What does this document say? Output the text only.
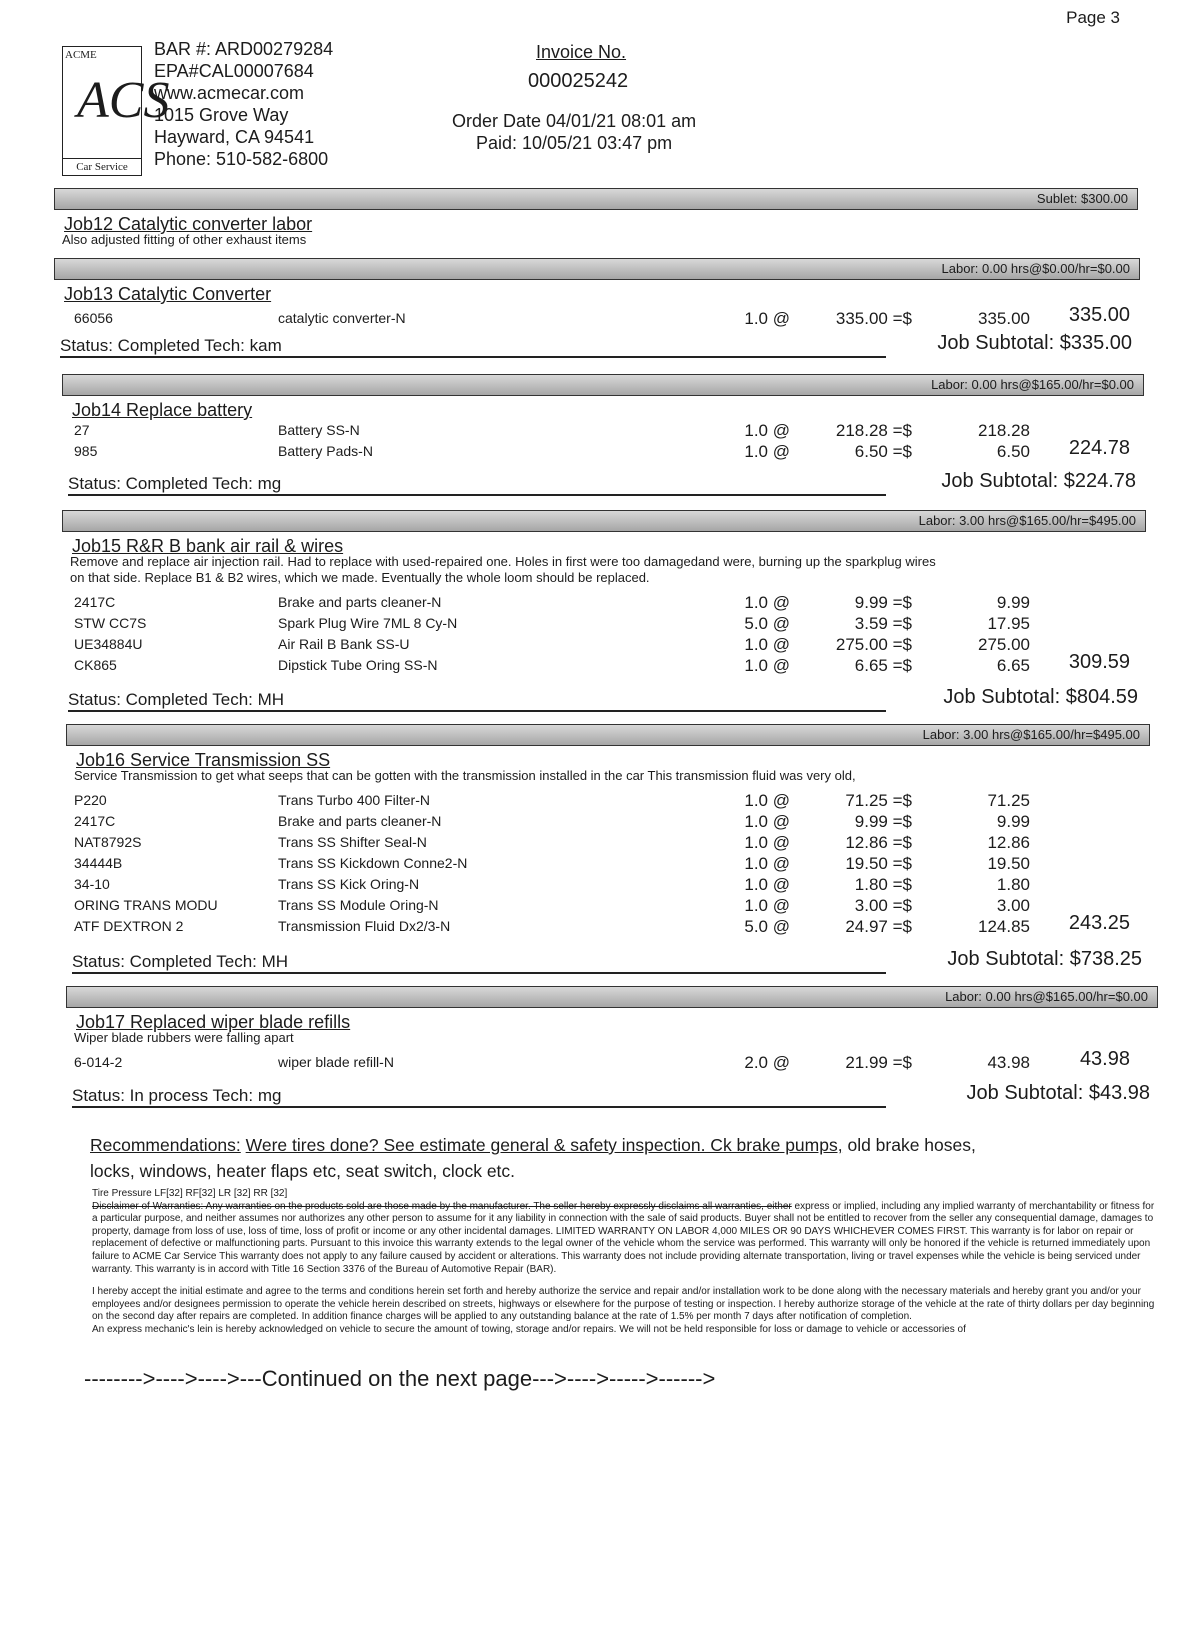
Page 3
ACME
ACS
Car Service
BAR #: ARD00279284
EPA#CAL00007684
www.acmecar.com
1015 Grove Way
Hayward, CA 94541
Phone: 510-582-6800
Invoice No.
000025242
Order Date 04/01/21 08:01 am
Paid: 10/05/21 03:47 pm
Sublet: $300.00
Job12 Catalytic converter labor
Also adjusted fitting of other exhaust items
Labor: 0.00 hrs@$0.00/hr=$0.00
Job13 Catalytic Converter
66056	catalytic converter-N	1.0 @	335.00 =$	335.00 335.00
Status: Completed Tech: kam	Job Subtotal: $335.00
Labor: 0.00 hrs@$165.00/hr=$0.00
Job14 Replace battery
27	Battery SS-N	1.0 @	218.28 =$	218.28
985	Battery Pads-N	1.0 @	6.50 =$	6.50 224.78
Status: Completed Tech: mg	Job Subtotal: $224.78
Labor: 3.00 hrs@$165.00/hr=$495.00
Job15 R&R B bank air rail & wires
Remove and replace air injection rail. Had to replace with used-repaired one. Holes in first were too damagedand were, burning up the sparkplug wires
on that side. Replace B1 & B2 wires, which we made. Eventually the whole loom should be replaced.
2417C	Brake and parts cleaner-N	1.0 @	9.99 =$	9.99
STW CC7S	Spark Plug Wire 7ML 8 Cy-N	5.0 @	3.59 =$	17.95
UE34884U	Air Rail B Bank SS-U	1.0 @	275.00 =$	275.00
CK865	Dipstick Tube Oring SS-N	1.0 @	6.65 =$	6.65 309.59
Status: Completed Tech: MH	Job Subtotal: $804.59
Labor: 3.00 hrs@$165.00/hr=$495.00
Job16 Service Transmission SS
Service Transmission to get what seeps that can be gotten with the transmission installed in the car This transmission fluid was very old,
P220	Trans Turbo 400 Filter-N	1.0 @	71.25 =$	71.25
2417C	Brake and parts cleaner-N	1.0 @	9.99 =$	9.99
NAT8792S	Trans SS Shifter Seal-N	1.0 @	12.86 =$	12.86
34444B	Trans SS Kickdown Conne2-N	1.0 @	19.50 =$	19.50
34-10	Trans SS Kick Oring-N	1.0 @	1.80 =$	1.80
ORING TRANS MODU	Trans SS Module Oring-N	1.0 @	3.00 =$	3.00
ATF DEXTRON 2	Transmission Fluid Dx2/3-N	5.0 @	24.97 =$	124.85 243.25
Status: Completed Tech: MH	Job Subtotal: $738.25
Labor: 0.00 hrs@$165.00/hr=$0.00
Job17 Replaced wiper blade refills
Wiper blade rubbers were falling apart
6-014-2	wiper blade refill-N	2.0 @	21.99 =$	43.98 43.98
Status: In process Tech: mg	Job Subtotal: $43.98
Recommendations: Were tires done? See estimate general & safety inspection. Ck brake pumps, old brake hoses,
locks, windows, heater flaps etc, seat switch, clock etc.
Tire Pressure LF[32] RF[32] LR [32] RR [32]
Disclaimer of Warranties: Any warranties on the products sold are those made by the manufacturer. The seller hereby expressly disclaims all warranties, either express or implied, including any implied warranty of merchantability or fitness for a particular purpose, and neither assumes nor authorizes any other person to assume for it any liability in connection with the sale of said products. Buyer shall not be entitled to recover from the seller any consequential damage, damages to property, damage from loss of use, loss of time, loss of profit or income or any other incidental damages. LIMITED WARRANTY ON LABOR 4,000 MILES OR 90 DAYS WHICHEVER COMES FIRST. This warranty is for labor on repair or replacement of defective or malfunctioning parts. Pursuant to this invoice this warranty extends to the legal owner of the vehicle whom the service was performed. This warranty will only be honored if the vehicle is returned immediately upon failure to ACME Car Service This warranty does not apply to any failure caused by accident or alterations. This warranty does not include providing alternate transportation, living or travel expenses while the vehicle is being serviced under warranty. This warranty is in accord with Title 16 Section 3376 of the Bureau of Automotive Repair (BAR).
I hereby accept the initial estimate and agree to the terms and conditions herein set forth and hereby authorize the service and repair and/or installation work to be done along with the necessary materials and hereby grant you and/or your employees and/or designees permission to operate the vehicle herein described on streets, highways or elsewhere for the purpose of testing or inspection. I hereby authorize storage of the vehicle at the rate of thirty dollars per day beginning on the second day after repairs are completed. In addition finance charges will be applied to any outstanding balance at the rate of 1.5% per month 7 days after notification of completion.
An express mechanic's lein is hereby acknowledged on vehicle to secure the amount of towing, storage and/or repairs. We will not be held responsible for loss or damage to vehicle or accessories of
-------->---->---->---Continued on the next page--->---->----->------>
